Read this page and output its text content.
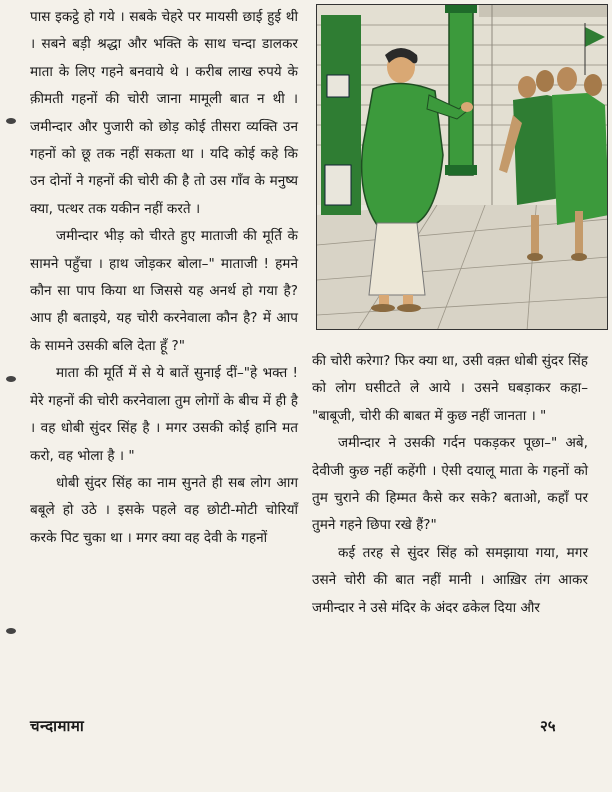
पास इकट्ठे हो गये । सबके चेहरे पर मायसी छाई हुई थी । सबने बड़ी श्रद्धा और भक्ति के साथ चन्दा डालकर माता के लिए गहने बनवाये थे । करीब लाख रुपये के क़ीमती गहनों की चोरी जाना मामूली बात न थी । जमीन्दार और पुजारी को छोड़ कोई तीसरा व्यक्ति उन गहनों को छू तक नहीं सकता था । यदि कोई कहे कि उन दोनों ने गहनों की चोरी की है तो उस गाँव के मनुष्य क्या, पत्थर तक यकीन नहीं करते ।

जमीन्दार भीड़ को चीरते हुए माताजी की मूर्ति के सामने पहुँचा । हाथ जोड़कर बोला–" माताजी ! हमने कौन सा पाप किया था जिससे यह अनर्थ हो गया है? आप ही बताइये, यह चोरी करनेवाला कौन है? में आप के सामने उसकी बलि देता हूँ ?"

माता की मूर्ति में से ये बातें सुनाई दीं–"हे भक्त ! मेरे गहनों की चोरी करनेवाला तुम लोगों के बीच में ही है । वह धोबी सुंदर सिंह है । मगर उसकी कोई हानि मत करो, वह भोला है । "

धोबी सुंदर सिंह का नाम सुनते ही सब लोग आग बबूले हो उठे । इसके पहले वह छोटी-मोटी चोरियाँ करके पिट चुका था । मगर क्या वह देवी के गहनों

की चोरी करेगा? फिर क्या था, उसी वक़्त धोबी सुंदर सिंह को लोग घसीटते ले आये । उसने घबड़ाकर कहा– "बाबूजी, चोरी की बाबत में कुछ नहीं जानता । "

जमीन्दार ने उसकी गर्दन पकड़कर पूछा–" अबे, देवीजी कुछ नहीं कहेंगी । ऐसी दयालू माता के गहनों को तुम चुराने की हिम्मत कैसे कर सके? बताओ, कहाँ पर तुमने गहने छिपा रखे हैं?"

कई तरह से सुंदर सिंह को समझाया गया, मगर उसने चोरी की बात नहीं मानी । आख़िर तंग आकर जमीन्दार ने उसे मंदिर के अंदर ढकेल दिया और

चन्दामामा	२५
